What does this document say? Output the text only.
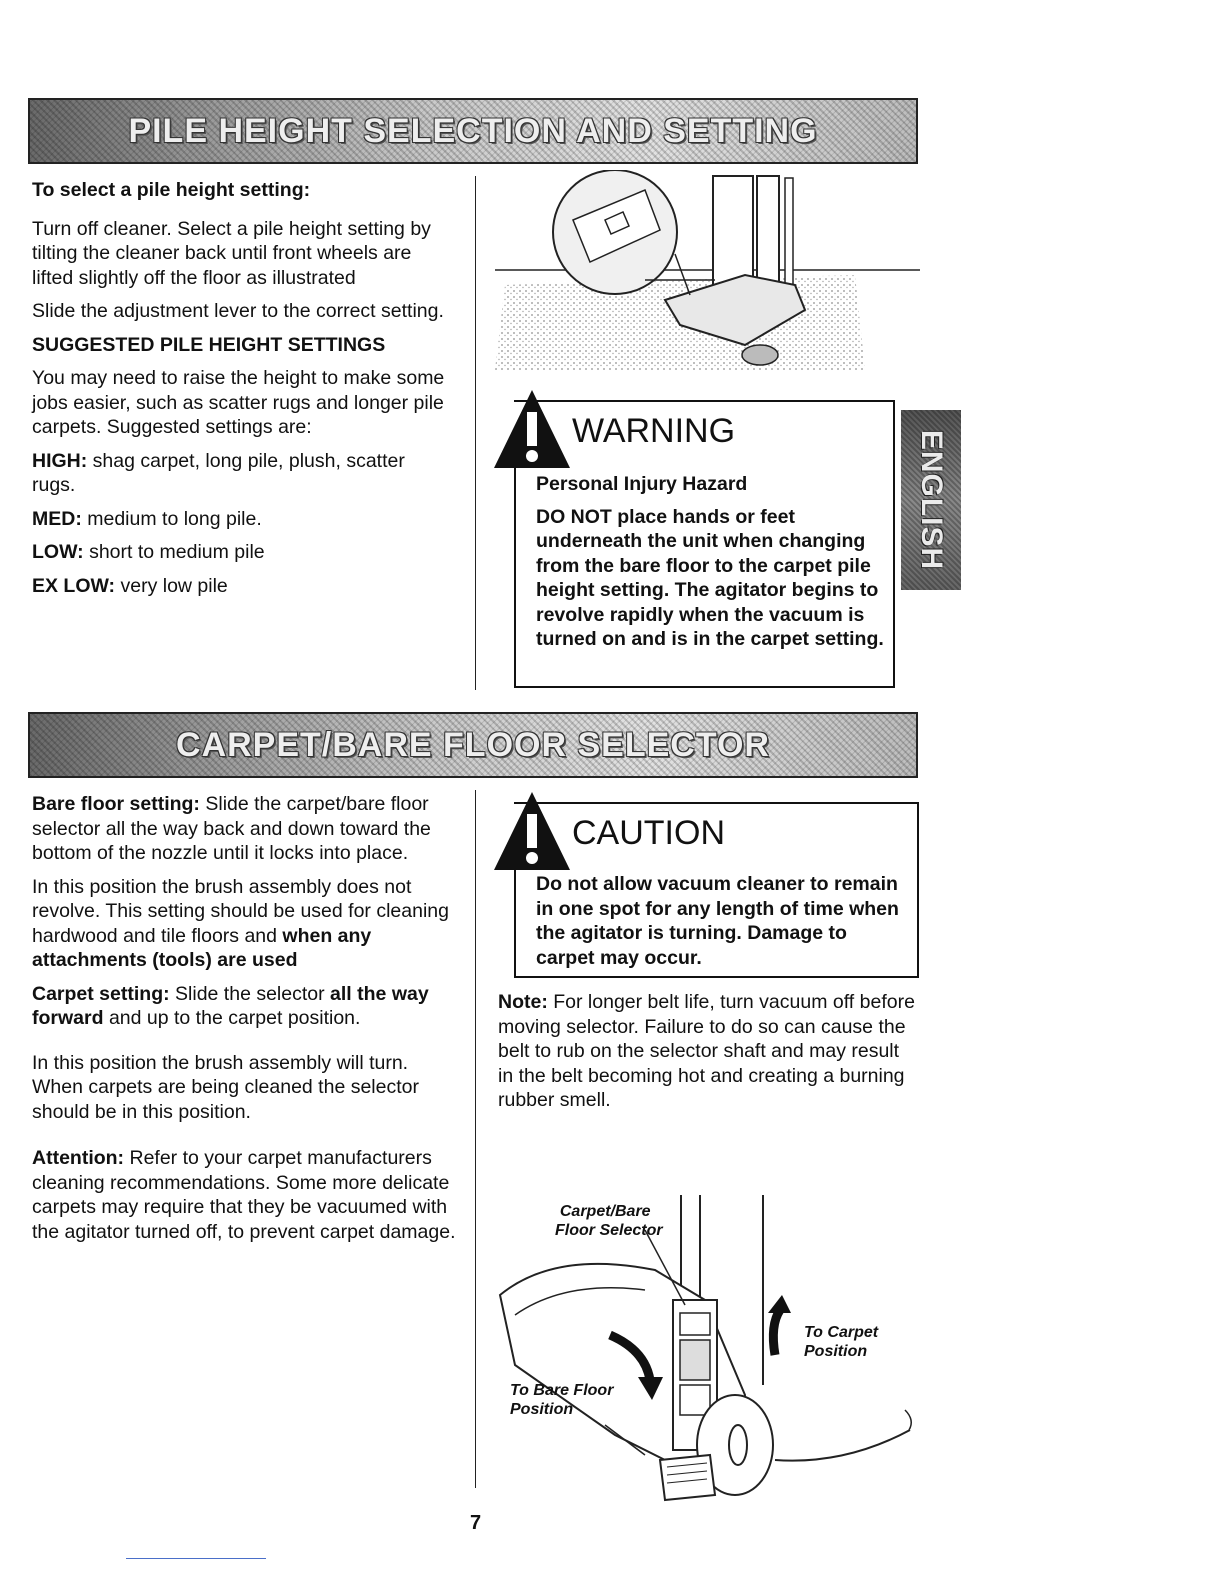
PILE HEIGHT SELECTION AND SETTING

To select a pile height setting:

Turn off cleaner. Select a pile height setting by tilting the cleaner back until front wheels are lifted slightly off the floor as illustrated

Slide the adjustment lever to the correct setting.

SUGGESTED PILE HEIGHT SETTINGS

You may need to raise the height to make some jobs easier, such as scatter rugs and longer pile carpets. Suggested settings are:

HIGH: shag carpet, long pile, plush, scatter rugs.

MED: medium to long pile.

LOW: short to medium pile

EX LOW: very low pile

WARNING

Personal Injury Hazard

DO NOT place hands or feet underneath the unit when changing from the bare floor to the carpet pile height setting. The agitator begins to revolve rapidly when the vacuum is turned on and is in the carpet setting.

ENGLISH
CARPET/BARE FLOOR SELECTOR

Bare floor setting: Slide the carpet/bare floor selector all the way back and down toward the bottom of the nozzle until it locks into place.

In this position the brush assembly does not revolve. This setting should be used for cleaning hardwood and tile floors and when any attachments (tools) are used

Carpet setting: Slide the selector all the way forward and up to the carpet position.

In this position the brush assembly will turn. When carpets are being cleaned the selector should be in this position.

Attention: Refer to your carpet manufacturers cleaning recommendations. Some more delicate carpets may require that they be vacuumed with the agitator turned off, to prevent carpet damage.

CAUTION

Do not allow vacuum cleaner to remain in one spot for any length of time when the agitator is turning. Damage to carpet may occur.

Note: For longer belt life, turn vacuum off before moving selector. Failure to do so can cause the belt to rub on the selector shaft and may result in the belt becoming hot and creating a burning rubber smell.

Carpet/Bare
Floor Selector
To Carpet
Position
To Bare Floor
Position
7
